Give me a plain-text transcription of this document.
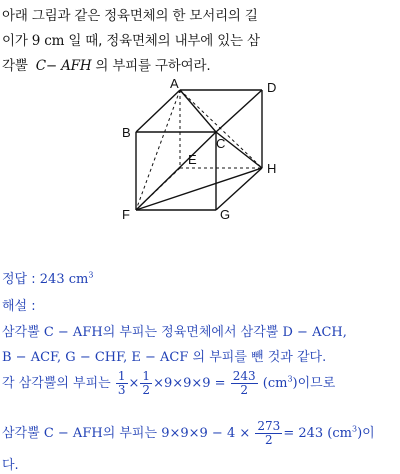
아래 그림과 같은 정육면체의 한 모서리의 길
이가 9 cm 일 때, 정육면체의 내부에 있는 삼
각뿔 C− AFH 의 부피를 구하여라.
A
B
C
D
E
F	G
H
정답 : 243 $cm^3$
해설 :
삼각뿔 C − AFH의 부피는 정육면체에서 삼각뿔 D − ACH,
B − ACF, G − CHF, E − ACF 의 부피를 뺀 것과 같다.
각 삼각뿔의 부피는 $\frac{1}{3} \times \frac{1}{2} \times 9\times 9\times 9 = \frac{243}{2} (cm^3)$이므로
삼각뿔 C − AFH의 부피는 $9\times 9\times 9 - 4 \times \frac{273}{2} = 243$ $(cm^3)$이
다.
